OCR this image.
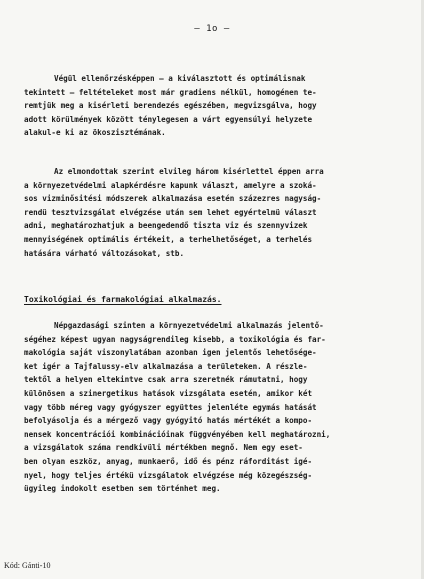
– 1o –
Végül ellenőrzésképpen – a kiválasztott és optimálisnak
tekintett – feltételeket most már gradiens nélkül, homogénen te-
remtjük meg a kisérleti berendezés egészében, megvizsgálva, hogy
adott körülmények között ténylegesen a várt egyensúlyi helyzete
alakul-e ki az ökoszisztémának.
Az elmondottak szerint elvileg három kisérlettel éppen arra
a környezetvédelmi alapkérdésre kapunk választ, amelyre a szoká-
sos vizminősitési módszerek alkalmazása esetén százezres nagyság-
rendü tesztvizsgálat elvégzése után sem lehet egyértelmü választ
adni, meghatározhatjuk a beengedendő tiszta viz és szennyvizek
mennyiségének optimális értékeit, a terhelhetőséget, a terhelés
hatására várható változásokat, stb.
Toxikológiai és farmakológiai alkalmazás.
Népgazdasági szinten a környezetvédelmi alkalmazás jelentő-
ségéhez képest ugyan nagyságrendileg kisebb, a toxikológia és far-
makológia saját viszonylatában azonban igen jelentős lehetősége-
ket igér a Tajfalussy-elv alkalmazása a területeken. A részle-
tektől a helyen eltekintve csak arra szeretnék rámutatni, hogy
különösen a szinergetikus hatások vizsgálata esetén, amikor két
vagy több méreg vagy gyógyszer együttes jelenléte egymás hatását
befolyásolja és a mérgező vagy gyógyitó hatás mértékét a kompo-
nensek koncentrációi kombinációinak függvényében kell meghatározni,
a vizsgálatok száma rendkivüli mértékben megnő. Nem egy eset-
ben olyan eszköz, anyag, munkaerő, idő és pénz ráforditást igé-
nyel, hogy teljes értékü vizsgálatok elvégzése még közegészség-
ügyileg indokolt esetben sem történhet meg.
Kód: Gánti-10
